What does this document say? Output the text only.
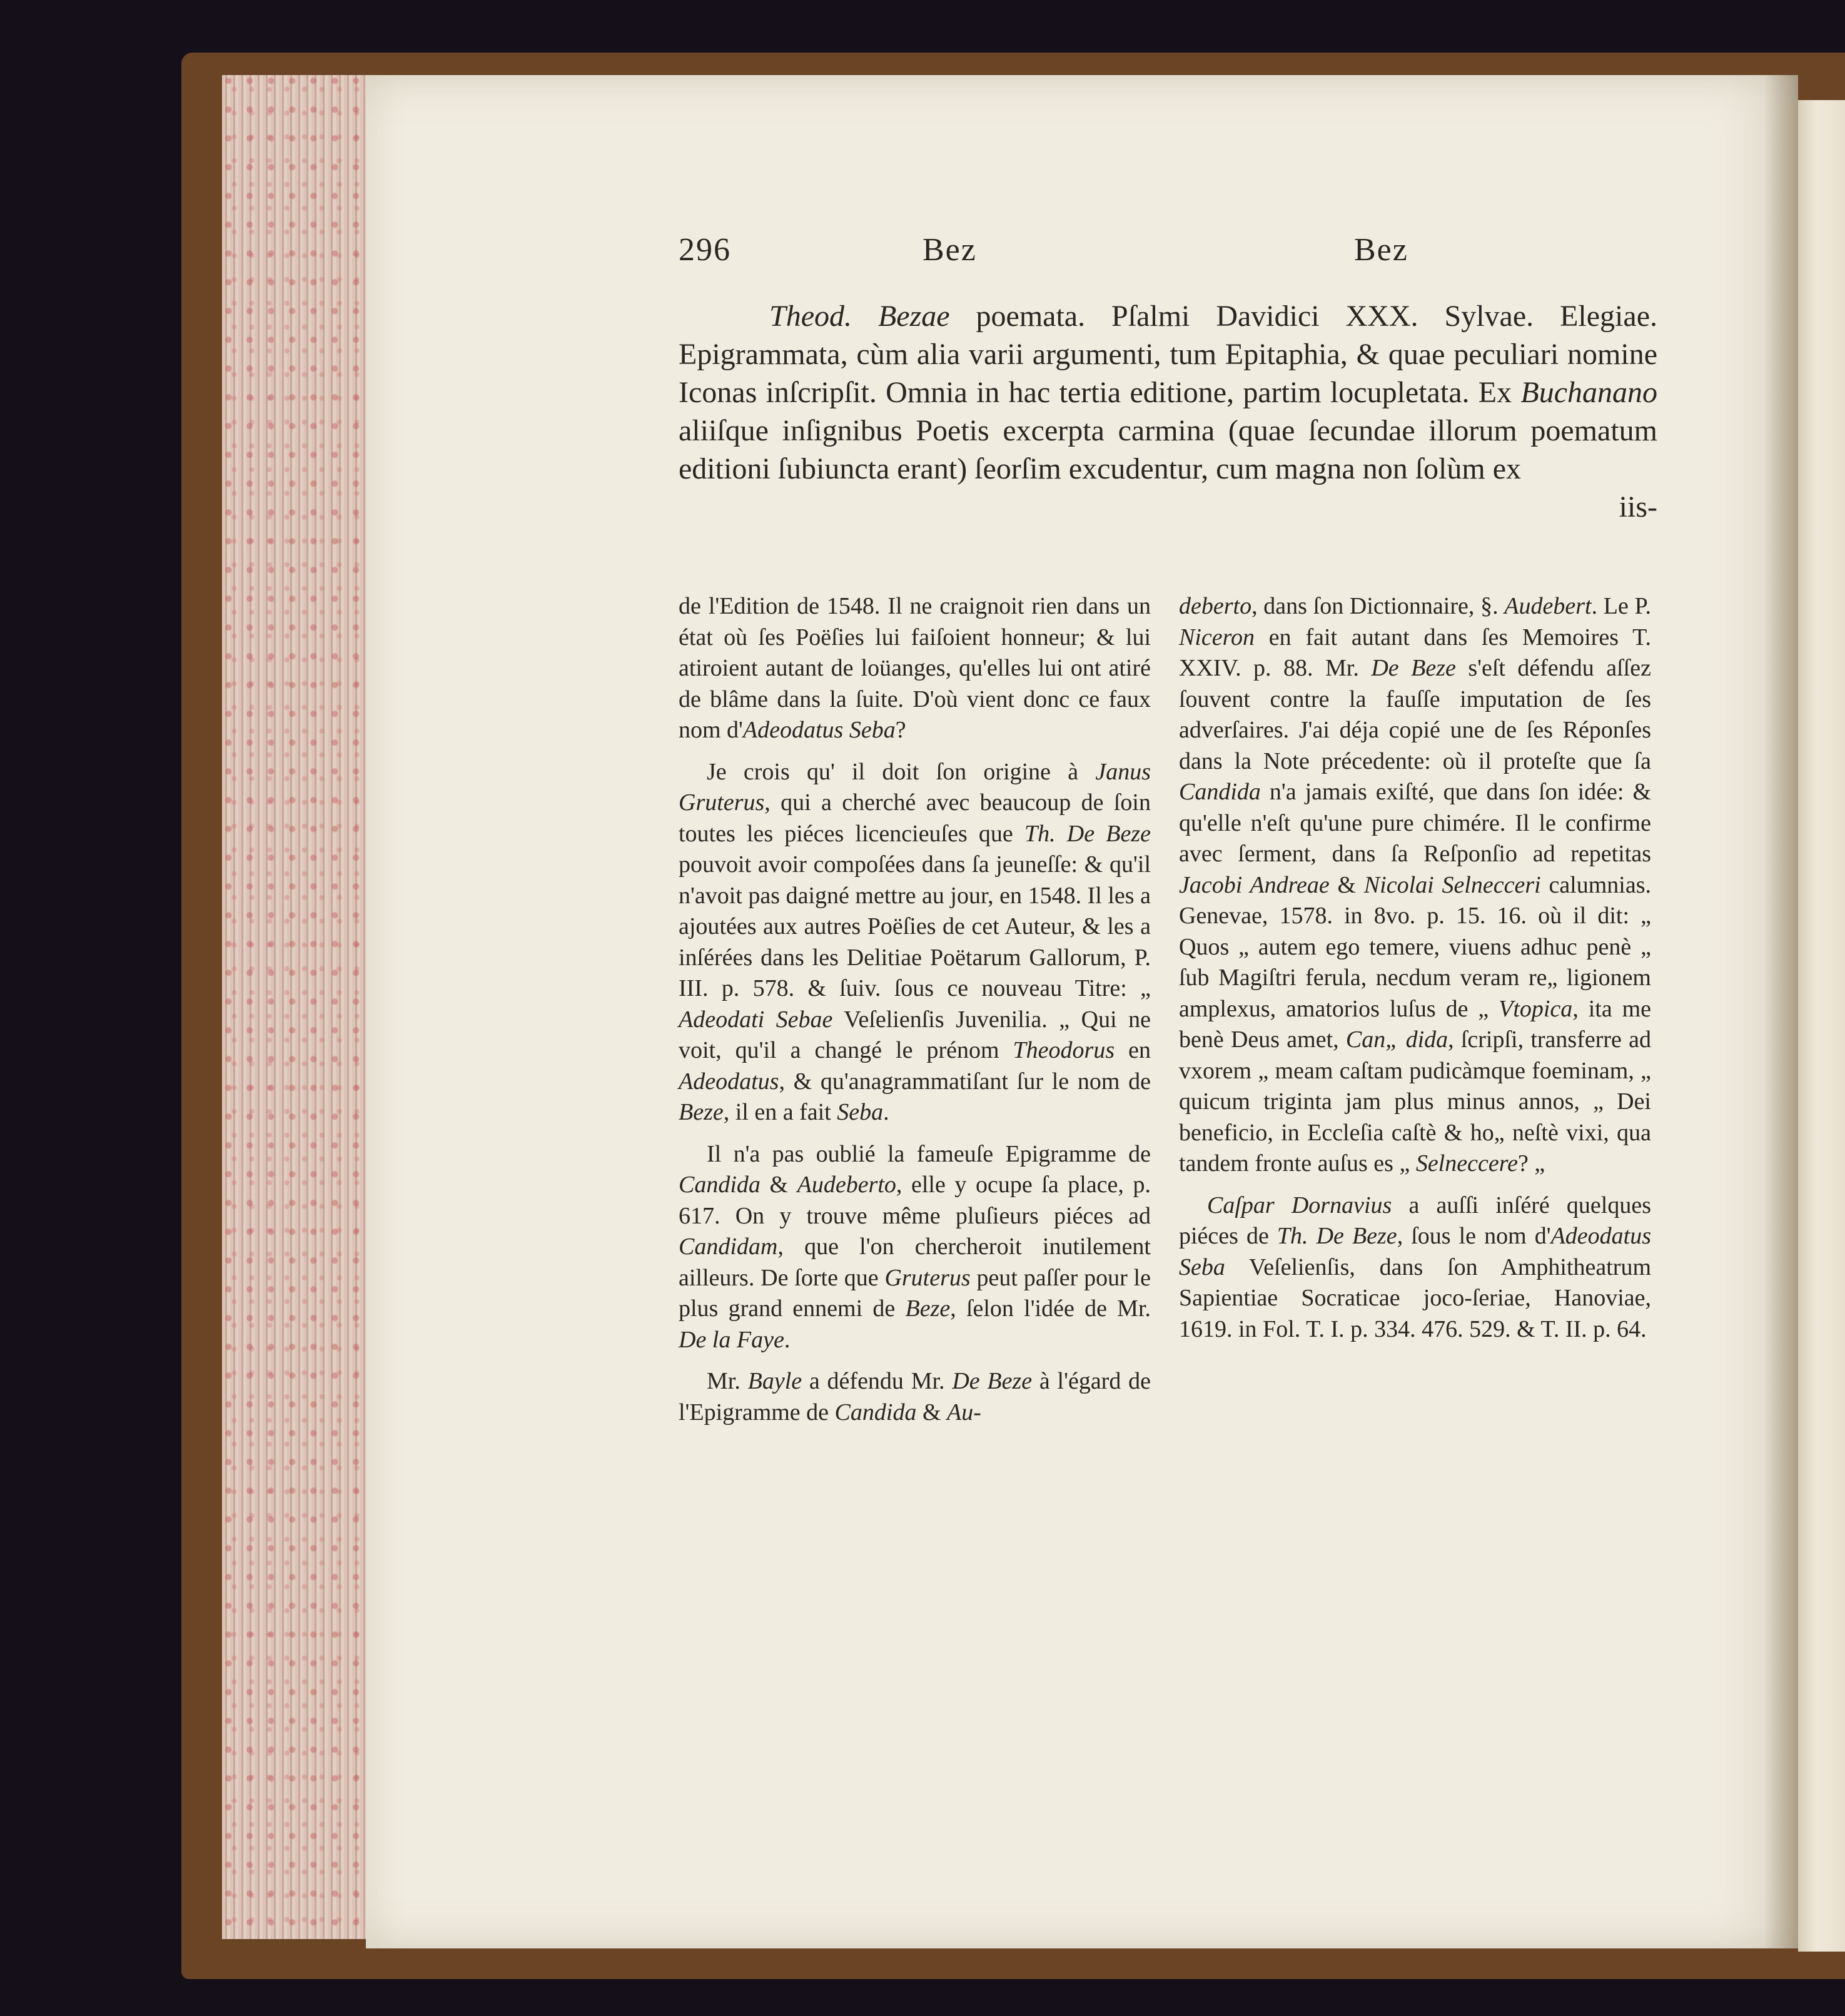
296	Bez	Bez

Theod. Bezae poemata. Pſalmi Davidici XXX. Sylvae. Elegiae. Epigrammata, cùm alia varii argumenti, tum Epitaphia, & quae peculiari nomine Iconas inſcripſit. Omnia in hac tertia editione, partim locupletata. Ex Buchanano aliiſque inſignibus Poetis excerpta carmina (quae ſecundae illorum poematum editioni ſubiuncta erant) ſeorſim excudentur, cum magna non ſolùm ex

iis-

de l'Edition de 1548. Il ne craignoit rien dans un état où ſes Poëſies lui faiſoient honneur; & lui atiroient autant de loüanges, qu'elles lui ont atiré de blâme dans la ſuite. D'où vient donc ce faux nom d'Adeodatus Seba?

Je crois qu' il doit ſon origine à Janus Gruterus, qui a cherché avec beaucoup de ſoin toutes les piéces licencieuſes que Th. De Beze pouvoit avoir compoſées dans ſa jeuneſſe: & qu'il n'avoit pas daigné mettre au jour, en 1548. Il les a ajoutées aux autres Poëſies de cet Auteur, & les a inſérées dans les Delitiae Poëtarum Gallorum, P. III. p. 578. & ſuiv. ſous ce nouveau Titre: „ Adeodati Sebae Veſelienſis Juvenilia. „ Qui ne voit, qu'il a changé le prénom Theodorus en Adeodatus, & qu'anagrammatiſant ſur le nom de Beze, il en a fait Seba.

Il n'a pas oublié la fameuſe Epigramme de Candida & Audeberto, elle y ocupe ſa place, p. 617. On y trouve même pluſieurs piéces ad Candidam, que l'on chercheroit inutilement ailleurs. De ſorte que Gruterus peut paſſer pour le plus grand ennemi de Beze, ſelon l'idée de Mr. De la Faye.

Mr. Bayle a défendu Mr. De Beze à l'égard de l'Epigramme de Candida & Au-

deberto, dans ſon Dictionnaire, §. Audebert. Le P. Niceron en fait autant dans ſes Memoires T. XXIV. p. 88. Mr. De Beze s'eſt défendu aſſez ſouvent contre la fauſſe imputation de ſes adverſaires. J'ai déja copié une de ſes Réponſes dans la Note précedente: où il proteſte que ſa Candida n'a jamais exiſté, que dans ſon idée: & qu'elle n'eſt qu'une pure chimére. Il le confirme avec ſerment, dans ſa Reſponſio ad repetitas Jacobi Andreae & Nicolai Selnecceri calumnias. Genevae, 1578. in 8vo. p. 15. 16. où il dit: „ Quos „ autem ego temere, viuens adhuc penè „ ſub Magiſtri ferula, necdum veram re„ ligionem amplexus, amatorios luſus de „ Vtopica, ita me benè Deus amet, Can„ dida, ſcripſi, transferre ad vxorem „ meam caſtam pudicàmque foeminam, „ quicum triginta jam plus minus annos, „ Dei beneficio, in Eccleſia caſtè & ho„ neſtè vixi, qua tandem fronte auſus es „ Selneccere? „

Caſpar Dornavius a auſſi inſéré quelques piéces de Th. De Beze, ſous le nom d'Adeodatus Seba Veſelienſis, dans ſon Amphitheatrum Sapientiae Socraticae joco-ſeriae, Hanoviae, 1619. in Fol. T. I. p. 334. 476. 529. & T. II. p. 64.
